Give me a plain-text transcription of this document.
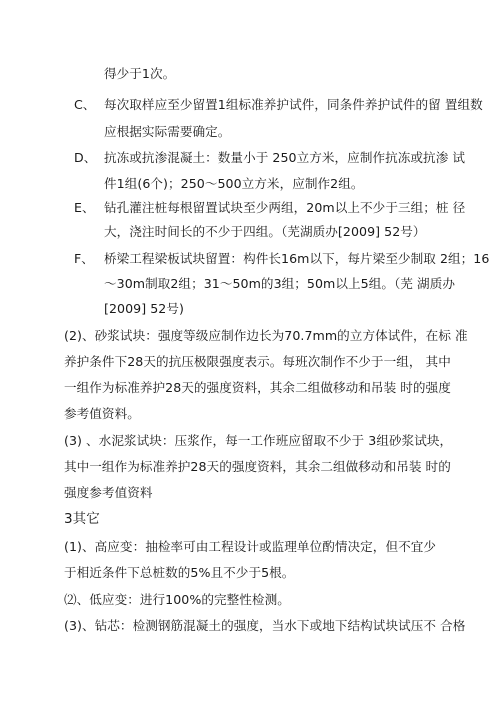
得少于1次。
C、 每次取样应至少留置1组标准养护试件，同条件养护试件的留 置组数
应根据实际需要确定。
D、 抗冻或抗渗混凝土：数量小于 250立方米，应制作抗冻或抗渗 试
件1组(6个)；250～500立方米，应制作2组。
E、 钻孔灌注桩每根留置试块至少两组，20m以上不少于三组；桩 径
大，浇注时间长的不少于四组。（芜湖质办[2009] 52号）
F、 桥梁工程梁板试块留置：构件长16m以下，每片梁至少制取 2组；16
～30m制取2组；31～50m的3组；50m以上5组。（芜 湖质办
[2009] 52号)
(2)、砂浆试块：强度等级应制作边长为70.7mm的立方体试件，在标 准
养护条件下28天的抗压极限强度表示。每班次制作不少于一组， 其中
一组作为标准养护28天的强度资料，其余二组做移动和吊装 时的强度
参考值资料。
(3) 、水泥浆试块：压浆作，每一工作班应留取不少于 3组砂浆试块，
其中一组作为标准养护28天的强度资料，其余二组做移动和吊装 时的
强度参考值资料
3其它
(1)、高应变：抽检率可由工程设计或监理单位酌情决定，但不宜少
于相近条件下总桩数的5%且不少于5根。
⑵、低应变：进行100%的完整性检测。
(3)、钻芯：检测钢筋混凝土的强度，当水下或地下结构试块试压不 合格
